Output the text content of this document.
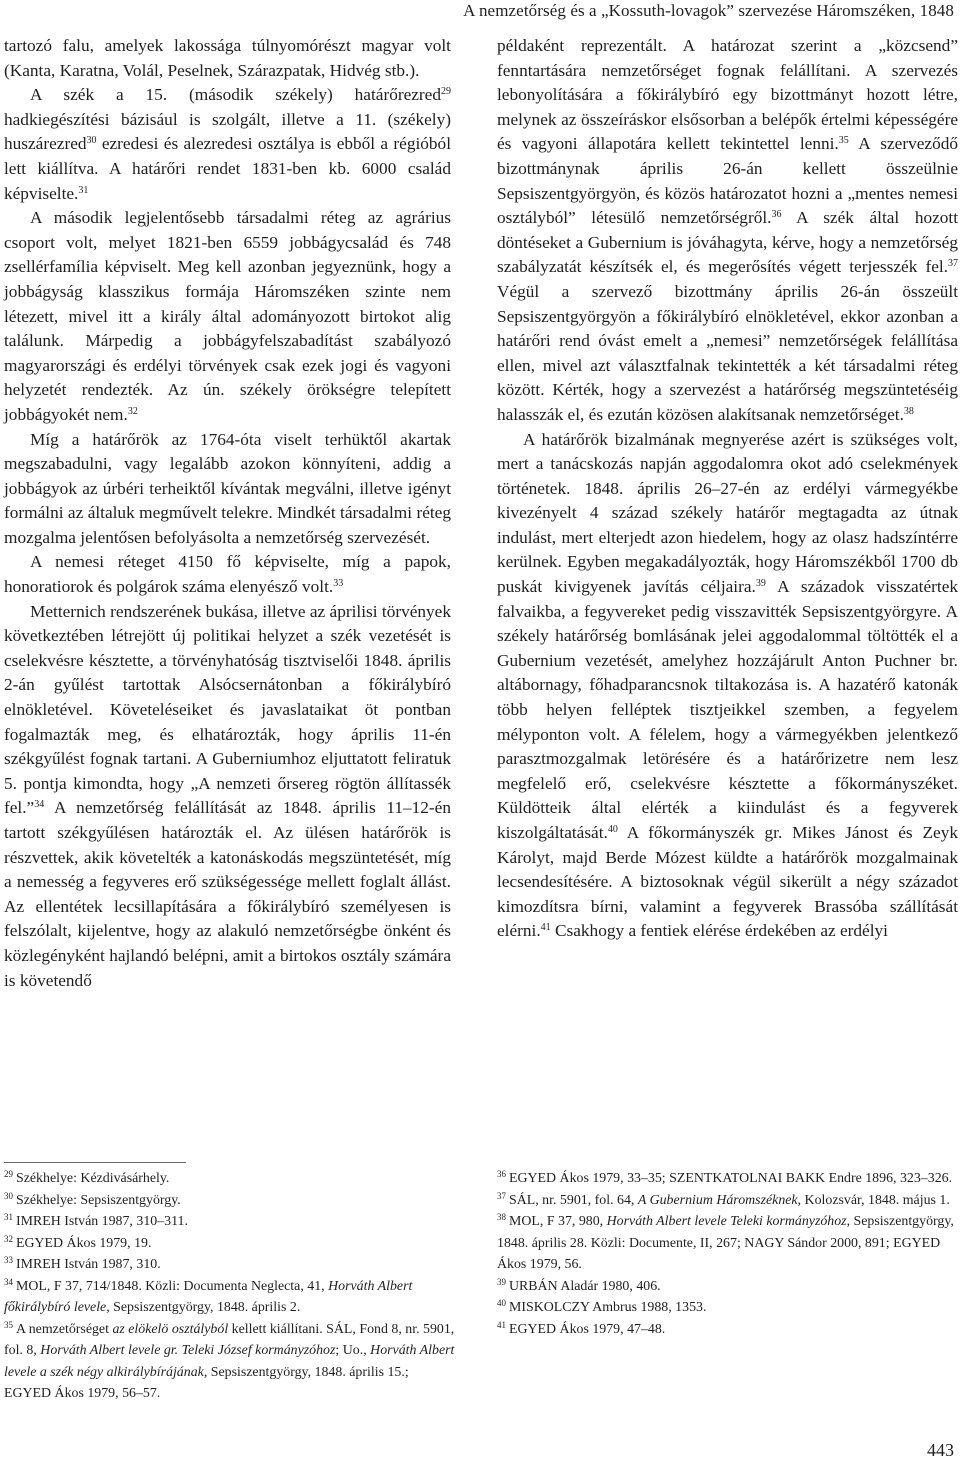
A nemzetőrség és a „Kossuth-lovagok” szervezése Háromszéken, 1848

tartozó falu, amelyek lakossága túlnyomórészt magyar volt (Kanta, Karatna, Volál, Peselnek, Szárazpatak, Hidvég stb.).

A szék a 15. (második székely) határőrezred$^{29}$ hadkiegészítési bázisául is szolgált, illetve a 11. (székely) huszárezred$^{30}$ ezredesi és alezredesi osztálya is ebből a régióból lett kiállítva. A határőri rendet 1831-ben kb. 6000 család képviselte.$^{31}$

A második legjelentősebb társadalmi réteg az agrárius csoport volt, melyet 1821-ben 6559 jobbágycsalád és 748 zsellérfamília képviselt. Meg kell azonban jegyeznünk, hogy a jobbágyság klasszikus formája Háromszéken szinte nem létezett, mivel itt a király által adományozott birtokot alig találunk. Márpedig a jobbágyfelszabadítást szabályozó magyarországi és erdélyi törvények csak ezek jogi és vagyoni helyzetét rendezték. Az ún. székely örökségre telepített jobbágyokét nem.$^{32}$

Míg a határőrök az 1764-óta viselt terhüktől akartak megszabadulni, vagy legalább azokon könnyíteni, addig a jobbágyok az úrbéri terheiktől kívántak megválni, illetve igényt formálni az általuk megművelt telekre. Mindkét társadalmi réteg mozgalma jelentősen befolyásolta a nemzetőrség szervezését.

A nemesi réteget 4150 fő képviselte, míg a papok, honoratiorok és polgárok száma elenyésző volt.$^{33}$

Metternich rendszerének bukása, illetve az áprilisi törvények következtében létrejött új politikai helyzet a szék vezetését is cselekvésre késztette, a törvényhatóság tisztviselői 1848. április 2-án gyűlést tartottak Alsócsernátonban a főkirálybíró elnökletével. Követeléseiket és javaslataikat öt pontban fogalmazták meg, és elhatározták, hogy április 11-én székgyűlést fognak tartani. A Guberniumhoz eljuttatott feliratuk 5. pontja kimondta, hogy „A nemzeti őrsereg rögtön állítassék fel.”$^{34}$ A nemzetőrség felállítását az 1848. április 11–12-én tartott székgyűlésen határozták el. Az ülésen határőrök is részvettek, akik követelték a katonáskodás megszüntetését, míg a nemesség a fegyveres erő szükségessége mellett foglalt állást. Az ellentétek lecsillapítására a főkirálybíró személyesen is felszólalt, kijelentve, hogy az alakuló nemzetőrségbe önként és közlegényként hajlandó belépni, amit a birtokos osztály számára is követendő

példaként reprezentált. A határozat szerint a „közcsend” fenntartására nemzetőrséget fognak felállítani. A szervezés lebonyolítására a főkirálybíró egy bizottmányt hozott létre, melynek az összeíráskor elsősorban a belépők értelmi képességére és vagyoni állapotára kellett tekintettel lenni.$^{35}$ A szerveződő bizottmánynak április 26-án kellett összeülnie Sepsiszentgyörgyön, és közös határozatot hozni a „mentes nemesi osztályból” létesülő nemzetőrségről.$^{36}$ A szék által hozott döntéseket a Gubernium is jóváhagyta, kérve, hogy a nemzetőrség szabályzatát készítsék el, és megerősítés végett terjesszék fel.$^{37}$ Végül a szervező bizottmány április 26-án összeült Sepsiszentgyörgyön a főkirálybíró elnökletével, ekkor azonban a határőri rend óvást emelt a „nemesi” nemzetőrségek felállítása ellen, mivel azt választfalnak tekintették a két társadalmi réteg között. Kérték, hogy a szervezést a határőrség megszüntetéséig halasszák el, és ezután közösen alakítsanak nemzetőrséget.$^{38}$

A határőrök bizalmának megnyerése azért is szükséges volt, mert a tanácskozás napján aggodalomra okot adó cselekmények történetek. 1848. április 26–27-én az erdélyi vármegyékbe kivezényelt 4 század székely határőr megtagadta az útnak indulást, mert elterjedt azon hiedelem, hogy az olasz hadszíntérre kerülnek. Egyben megakadályozták, hogy Háromszékből 1700 db puskát kivigyenek javítás céljaira.$^{39}$ A századok visszatértek falvaikba, a fegyvereket pedig visszavitték Sepsiszentgyörgyre. A székely határőrség bomlásának jelei aggodalommal töltötték el a Gubernium vezetését, amelyhez hozzájárult Anton Puchner br. altábornagy, főhadparancsnok tiltakozása is. A hazatérő katonák több helyen felléptek tisztjeikkel szemben, a fegyelem mélyponton volt. A félelem, hogy a vármegyékben jelentkező parasztmozgalmak letörésére és a határőrizetre nem lesz megfelelő erő, cselekvésre késztette a főkormányszéket. Küldötteik által elérték a kiindulást és a fegyverek kiszolgáltatását.$^{40}$ A főkormányszék gr. Mikes Jánost és Zeyk Károlyt, majd Berde Mózest küldte a határőrök mozgalmainak lecsendesítésére. A biztosoknak végül sikerült a négy századot kimozdítsra bírni, valamint a fegyverek Brassóba szállítását elérni.$^{41}$ Csakhogy a fentiek elérése érdekében az erdélyi

$^{29}$ Székhelye: Kézdivásárhely.

$^{30}$ Székhelye: Sepsiszentgyörgy.

$^{31}$ IMREH István 1987, 310–311.

$^{32}$ EGYED Ákos 1979, 19.

$^{33}$ IMREH István 1987, 310.

$^{34}$ MOL, F 37, 714/1848. Közli: Documenta Neglecta, 41, Horváth Albert főkirálybíró levele, Sepsiszentgyörgy, 1848. április 2.

$^{35}$ A nemzetőrséget az elökelö osztályból kellett kiállítani. SÁL, Fond 8, nr. 5901, fol. 8, Horváth Albert levele gr. Teleki József kormányzóhoz; Uo., Horváth Albert levele a szék négy alkirálybírájának, Sepsiszentgyörgy, 1848. április 15.; EGYED Ákos 1979, 56–57.

$^{36}$ EGYED Ákos 1979, 33–35; SZENTKATOLNAI BAKK Endre 1896, 323–326.

$^{37}$ SÁL, nr. 5901, fol. 64, A Gubernium Háromszéknek, Kolozsvár, 1848. május 1.

$^{38}$ MOL, F 37, 980, Horváth Albert levele Teleki kormányzóhoz, Sepsiszentgyörgy, 1848. április 28. Közli: Documente, II, 267; NAGY Sándor 2000, 891; EGYED Ákos 1979, 56.

$^{39}$ URBÁN Aladár 1980, 406.

$^{40}$ MISKOLCZY Ambrus 1988, 1353.

$^{41}$ EGYED Ákos 1979, 47–48.

443
